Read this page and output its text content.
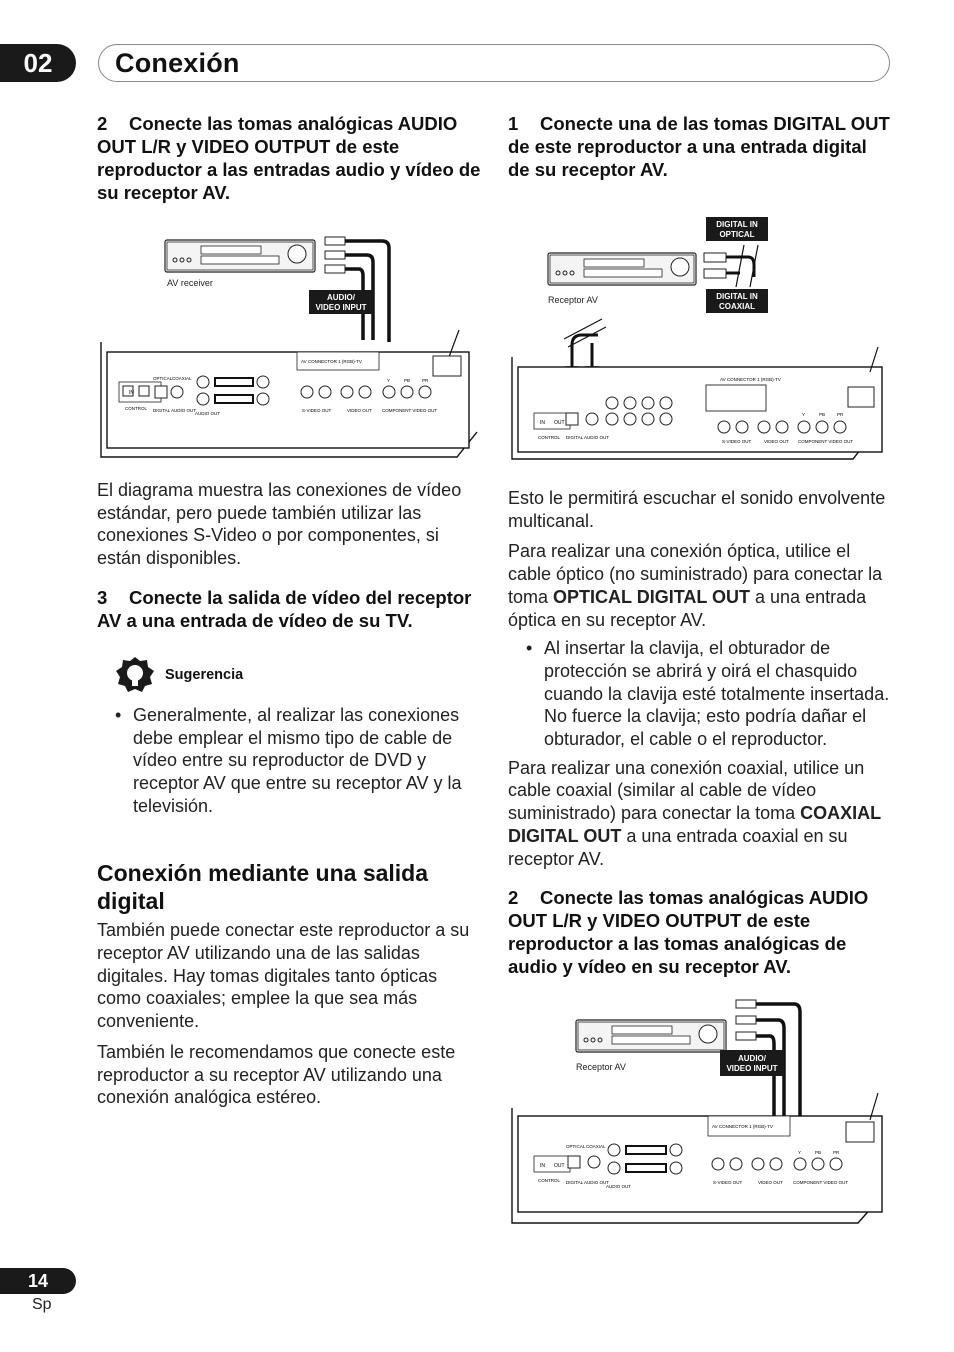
02	Conexión
2 Conecte las tomas analógicas AUDIO OUT L/R y VIDEO OUTPUT de este reproductor a las entradas audio y vídeo de su receptor AV.
AV receiver
AUDIO/
VIDEO INPUT
IN
CONTROL
OPTICAL COAXIAL
DIGITAL AUDIO OUT
AUDIO OUT
AV CONNECTOR 1 (RGB)-TV
S-VIDEO OUT	VIDEO OUT
Y	PB	PR
COMPONENT VIDEO OUT
El diagrama muestra las conexiones de vídeo estándar, pero puede también utilizar las conexiones S-Video o por componentes, si están disponibles.
3 Conecte la salida de vídeo del receptor AV a una entrada de vídeo de su TV.
Sugerencia
• Generalmente, al realizar las conexiones debe emplear el mismo tipo de cable de vídeo entre su reproductor de DVD y receptor AV que entre su receptor AV y la televisión.
Conexión mediante una salida digital
También puede conectar este reproductor a su receptor AV utilizando una de las salidas digitales. Hay tomas digitales tanto ópticas como coaxiales; emplee la que sea más conveniente.
También le recomendamos que conecte este reproductor a su receptor AV utilizando una conexión analógica estéreo.
1 Conecte una de las tomas DIGITAL OUT de este reproductor a una entrada digital de su receptor AV.
DIGITAL IN
OPTICAL
Receptor AV	DIGITAL IN
COAXIAL
IN OUT
CONTROL DIGITAL AUDIO OUT
AV CONNECTOR 1 (RGB)-TV
S-VIDEO OUT	VIDEO OUT
Y	PB	PR
COMPONENT VIDEO OUT
Esto le permitirá escuchar el sonido envolvente multicanal.
Para realizar una conexión óptica, utilice el cable óptico (no suministrado) para conectar la toma OPTICAL DIGITAL OUT a una entrada óptica en su receptor AV.
• Al insertar la clavija, el obturador de protección se abrirá y oirá el chasquido cuando la clavija esté totalmente insertada. No fuerce la clavija; esto podría dañar el obturador, el cable o el reproductor.
Para realizar una conexión coaxial, utilice un cable coaxial (similar al cable de vídeo suministrado) para conectar la toma COAXIAL DIGITAL OUT a una entrada coaxial en su receptor AV.
2 Conecte las tomas analógicas AUDIO OUT L/R y VIDEO OUTPUT de este reproductor a las tomas analógicas de audio y vídeo en su receptor AV.
Receptor AV
AUDIO/
VIDEO INPUT
IN OUT
CONTROL
OPTICAL COAXIAL
DIGITAL AUDIO OUT
AUDIO OUT
AV CONNECTOR 1 (RGB)-TV
S-VIDEO OUT	VIDEO OUT
Y	PB	PR
COMPONENT VIDEO OUT
14
Sp
